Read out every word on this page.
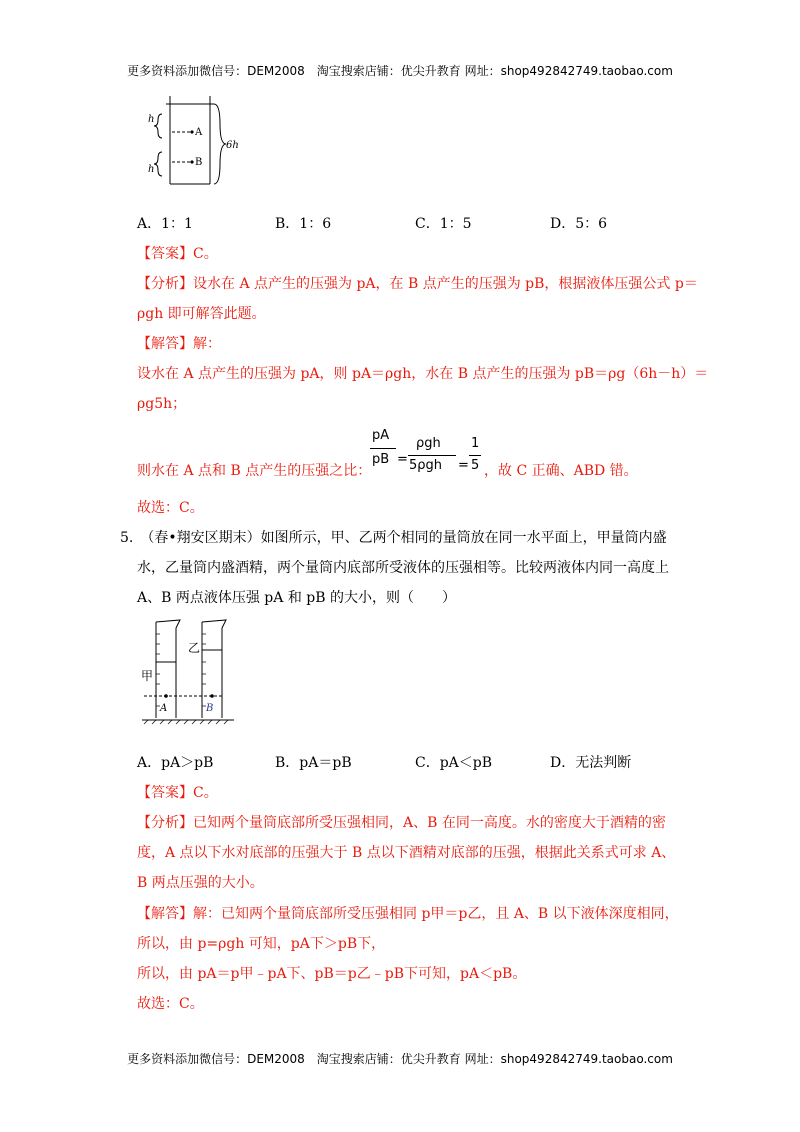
更多资料添加微信号：DEM2008　淘宝搜索店铺：优尖升教育 网址：shop492842749.taobao.com
h
h
A
B
6h
A．1：1	B．1：6	C．1：5	D．5：6
【答案】C。
【分析】设水在 A 点产生的压强为 pA，在 B 点产生的压强为 pB，根据液体压强公式 p＝
ρgh 即可解答此题。
【解答】解：
设水在 A 点产生的压强为 pA，则 pA＝ρgh，水在 B 点产生的压强为 pB＝ρg（6h－h）＝
ρg5h；
pA
pB =
ρgh
5ρgh =
1
5
则水在 A 点和 B 点产生的压强之比：	，故 C 正确、ABD 错。
故选：C。
5.　（春•翔安区期末）如图所示，甲、乙两个相同的量筒放在同一水平面上，甲量筒内盛
水，乙量筒内盛酒精，两个量筒内底部所受液体的压强相等。比较两液体内同一高度上
A、B 两点液体压强 pA 和 pB 的大小，则（　　）
甲
乙
A	B
A．pA＞pB	B．pA＝pB	C．pA＜pB	D．无法判断
【答案】C。
【分析】已知两个量筒底部所受压强相同，A、B 在同一高度。水的密度大于酒精的密
度，A 点以下水对底部的压强大于 B 点以下酒精对底部的压强，根据此关系式可求 A、
B 两点压强的大小。
【解答】解：已知两个量筒底部所受压强相同 p甲＝p乙，且 A、B 以下液体深度相同，
所以，由 p=ρgh 可知，pA下＞pB下，
所以，由 pA＝p甲﹣pA下、pB＝p乙﹣pB下可知，pA＜pB。
故选：C。
更多资料添加微信号：DEM2008　淘宝搜索店铺：优尖升教育 网址：shop492842749.taobao.com
